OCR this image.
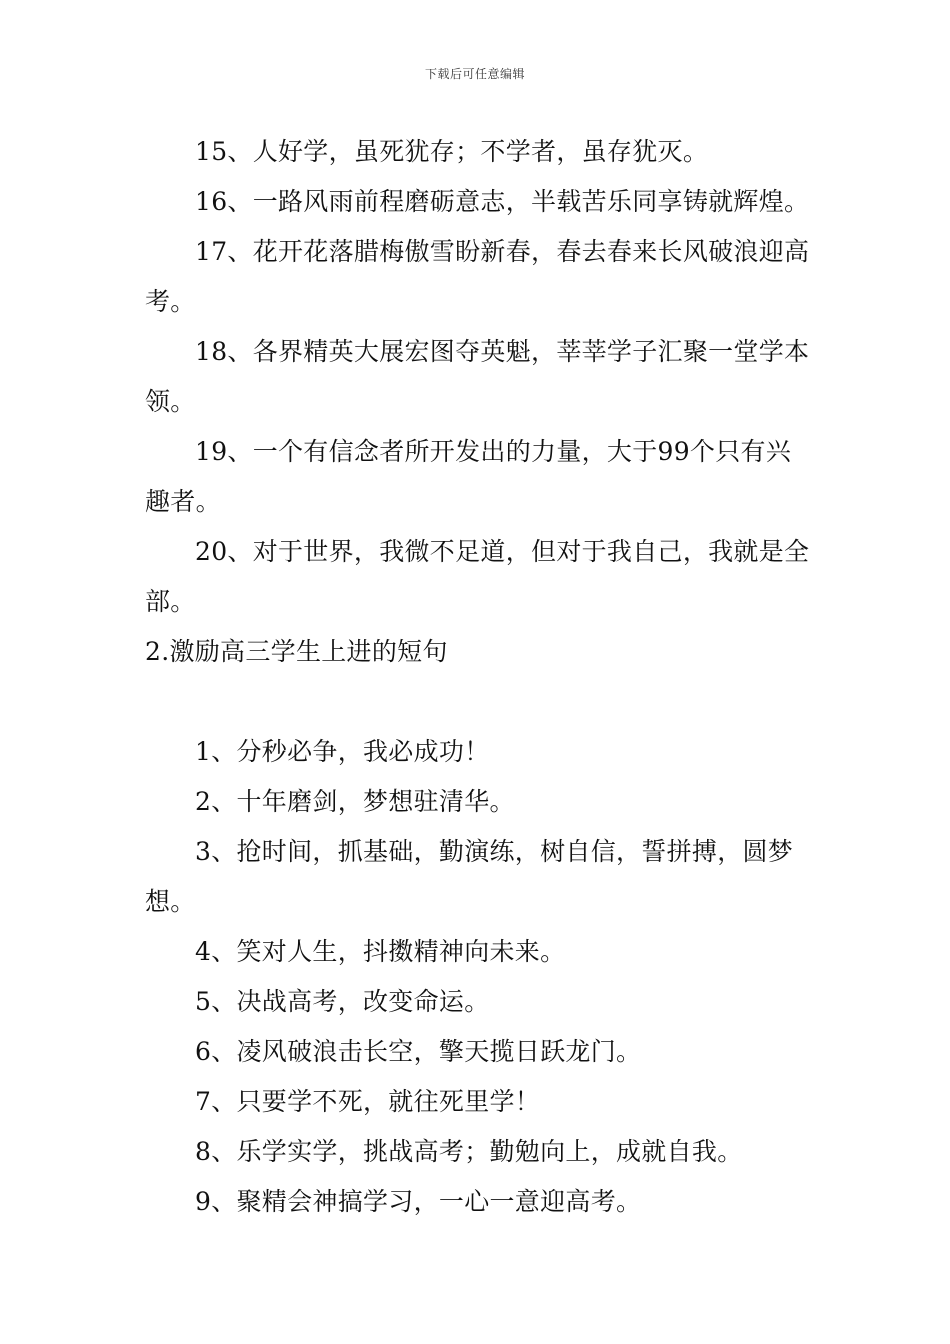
下载后可任意编辑

15、人好学，虽死犹存；不学者，虽存犹灭。

16、一路风雨前程磨砺意志，半载苦乐同享铸就辉煌。

17、花开花落腊梅傲雪盼新春，春去春来长风破浪迎高考。

18、各界精英大展宏图夺英魁，莘莘学子汇聚一堂学本领。

19、一个有信念者所开发出的力量，大于99个只有兴趣者。

20、对于世界，我微不足道，但对于我自己，我就是全部。

2.激励高三学生上进的短句

1、分秒必争，我必成功！

2、十年磨剑，梦想驻清华。

3、抢时间，抓基础，勤演练，树自信，誓拼搏，圆梦想。

4、笑对人生，抖擞精神向未来。

5、决战高考，改变命运。

6、凌风破浪击长空，擎天揽日跃龙门。

7、只要学不死，就往死里学！

8、乐学实学，挑战高考；勤勉向上，成就自我。

9、聚精会神搞学习，一心一意迎高考。
